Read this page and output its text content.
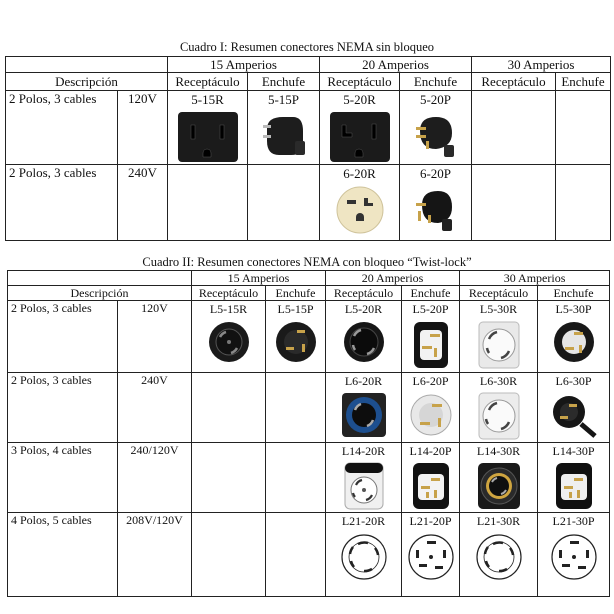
Cuadro I: Resumen conectores NEMA sin bloqueo
		15 Amperios		20 Amperios		30 Amperios	
Descripción		Receptáculo	Enchufe	Receptáculo	Enchufe	Receptáculo	Enchufe
2 Polos, 3 cables	120V	5-15R	5-15P	5-20R	5-20P		

2 Polos, 3 cables	240V			6-20R	6-20P		

Cuadro II: Resumen conectores NEMA con bloqueo “Twist-lock”
		15 Amperios		20 Amperios		30 Amperios	
Descripción		Receptáculo	Enchufe	Receptáculo	Enchufe	Receptáculo	Enchufe
2 Polos, 3 cables	120V	L5-15R	L5-15P	L5-20R	L5-20P	L5-30R	L5-30P

2 Polos, 3 cables	240V			L6-20R	L6-20P	L6-30R	L6-30P

3 Polos, 4 cables	240/120V			L14-20R	L14-20P	L14-30R	L14-30P

4 Polos, 5 cables	208V/120V			L21-20R	L21-20P	L21-30R	L21-30P
